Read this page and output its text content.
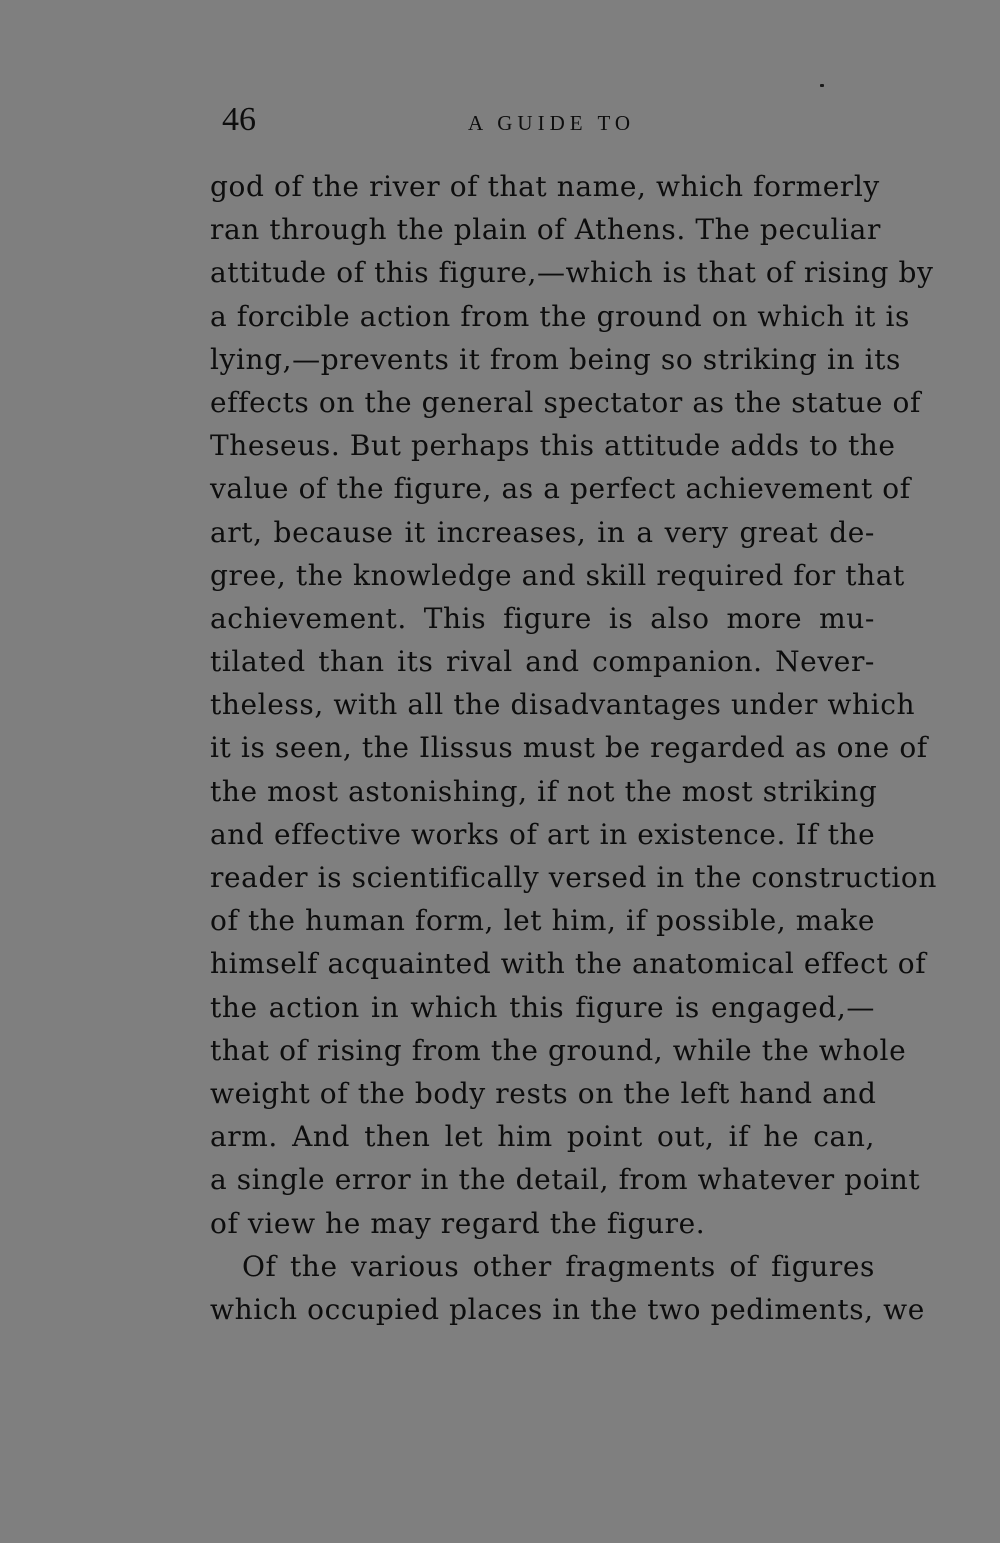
46	A GUIDE TO
god of the river of that name, which formerly
ran through the plain of Athens. The peculiar
attitude of this figure,—which is that of rising by
a forcible action from the ground on which it is
lying,—prevents it from being so striking in its
effects on the general spectator as the statue of
Theseus. But perhaps this attitude adds to the
value of the figure, as a perfect achievement of
art, because it increases, in a very great de-
gree, the knowledge and skill required for that
achievement. This figure is also more mu-
tilated than its rival and companion. Never-
theless, with all the disadvantages under which
it is seen, the Ilissus must be regarded as one of
the most astonishing, if not the most striking
and effective works of art in existence. If the
reader is scientifically versed in the construction
of the human form, let him, if possible, make
himself acquainted with the anatomical effect of
the action in which this figure is engaged,—
that of rising from the ground, while the whole
weight of the body rests on the left hand and
arm. And then let him point out, if he can,
a single error in the detail, from whatever point
of view he may regard the figure.
Of the various other fragments of figures
which occupied places in the two pediments, we
